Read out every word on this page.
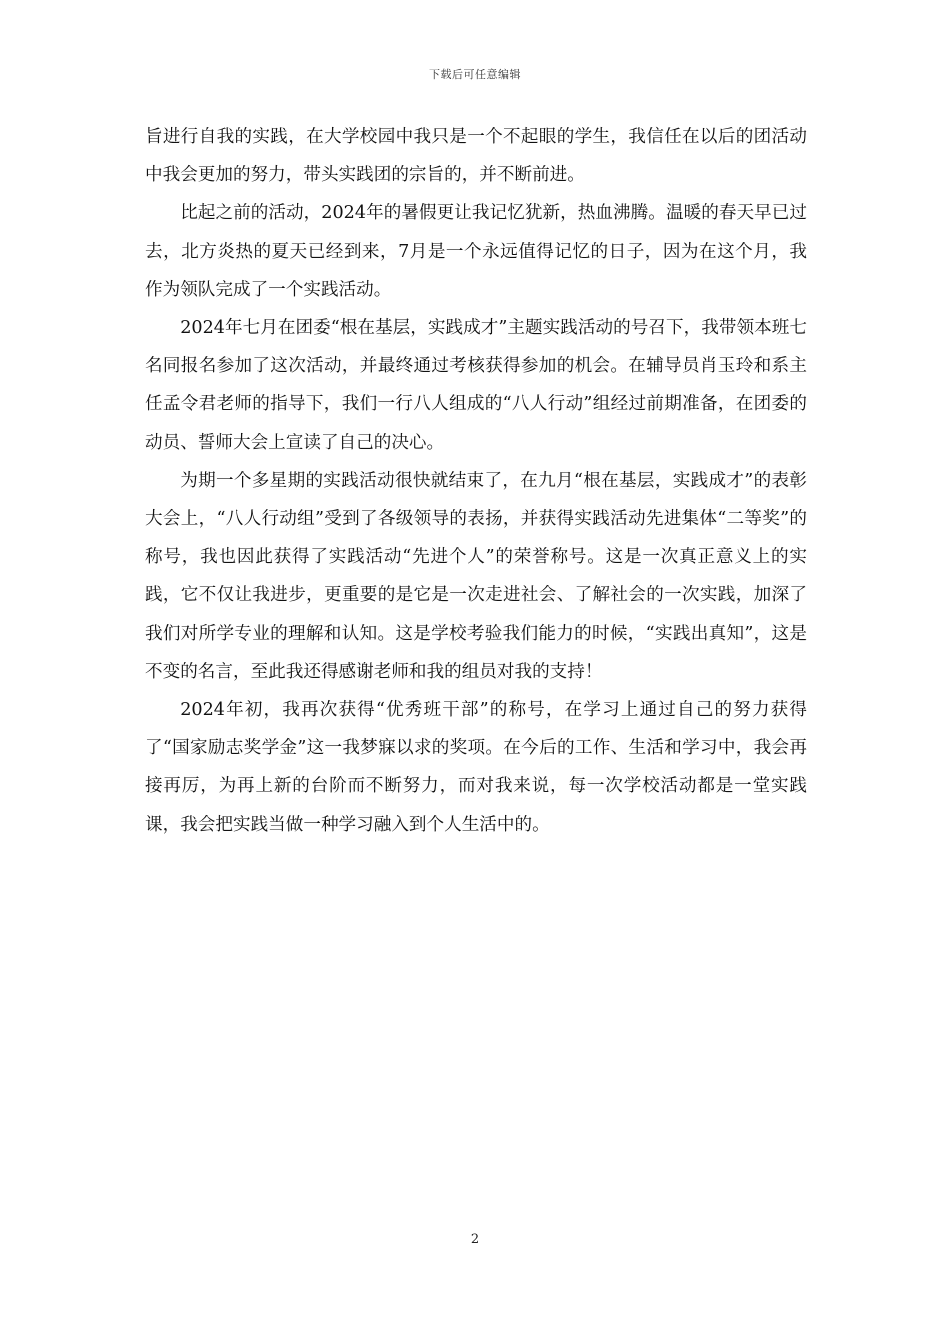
下载后可任意编辑

旨进行自我的实践，在大学校园中我只是一个不起眼的学生，我信任在以后的团活动中我会更加的努力，带头实践团的宗旨的，并不断前进。

比起之前的活动，2024年的暑假更让我记忆犹新，热血沸腾。温暖的春天早已过去，北方炎热的夏天已经到来，7月是一个永远值得记忆的日子，因为在这个月，我作为领队完成了一个实践活动。

2024年七月在团委“根在基层，实践成才”主题实践活动的号召下，我带领本班七名同报名参加了这次活动，并最终通过考核获得参加的机会。在辅导员肖玉玲和系主任孟令君老师的指导下，我们一行八人组成的“八人行动”组经过前期准备，在团委的动员、誓师大会上宣读了自己的决心。

为期一个多星期的实践活动很快就结束了，在九月“根在基层，实践成才”的表彰大会上，“八人行动组”受到了各级领导的表扬，并获得实践活动先进集体“二等奖”的称号，我也因此获得了实践活动“先进个人”的荣誉称号。这是一次真正意义上的实践，它不仅让我进步，更重要的是它是一次走进社会、了解社会的一次实践，加深了我们对所学专业的理解和认知。这是学校考验我们能力的时候，“实践出真知”，这是不变的名言，至此我还得感谢老师和我的组员对我的支持！

2024年初，我再次获得“优秀班干部”的称号，在学习上通过自己的努力获得了“国家励志奖学金”这一我梦寐以求的奖项。在今后的工作、生活和学习中，我会再接再厉，为再上新的台阶而不断努力，而对我来说，每一次学校活动都是一堂实践课，我会把实践当做一种学习融入到个人生活中的。

2
